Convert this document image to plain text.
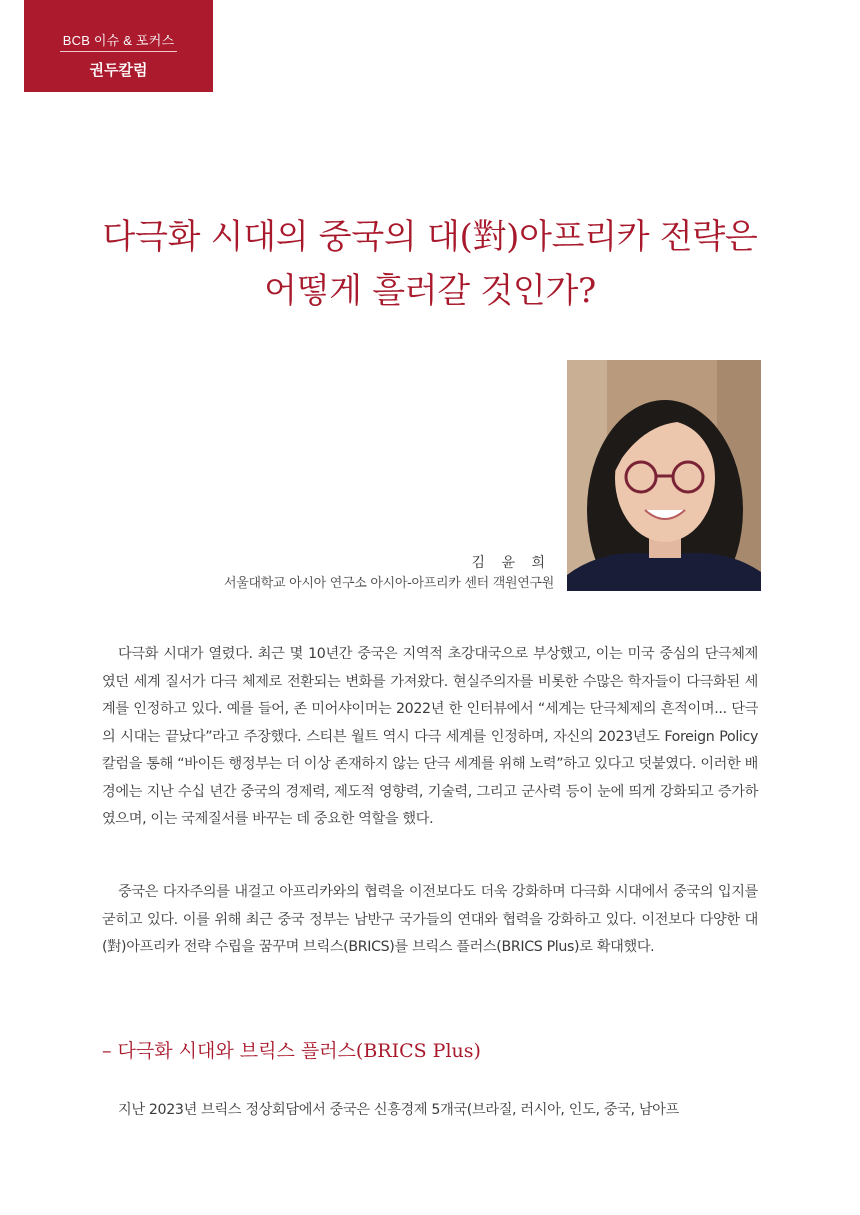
BCB 이슈 & 포커스
권두칼럼
다극화 시대의 중국의 대(對)아프리카 전략은
어떻게 흘러갈 것인가?
김 윤 희
서울대학교 아시아 연구소 아시아-아프리카 센터 객원연구원

다극화 시대가 열렸다. 최근 몇 10년간 중국은 지역적 초강대국으로 부상했고, 이는 미국 중심의 단극체제였던 세계 질서가 다극 체제로 전환되는 변화를 가져왔다. 현실주의자를 비롯한 수많은 학자들이 다극화된 세계를 인정하고 있다. 예를 들어, 존 미어샤이머는 2022년 한 인터뷰에서 “세계는 단극체제의 흔적이며... 단극의 시대는 끝났다”라고 주장했다. 스티븐 월트 역시 다극 세계를 인정하며, 자신의 2023년도 Foreign Policy 칼럼을 통해 “바이든 행정부는 더 이상 존재하지 않는 단극 세계를 위해 노력”하고 있다고 덧붙였다. 이러한 배경에는 지난 수십 년간 중국의 경제력, 제도적 영향력, 기술력, 그리고 군사력 등이 눈에 띄게 강화되고 증가하였으며, 이는 국제질서를 바꾸는 데 중요한 역할을 했다.

중국은 다자주의를 내걸고 아프리카와의 협력을 이전보다도 더욱 강화하며 다극화 시대에서 중국의 입지를 굳히고 있다. 이를 위해 최근 중국 정부는 남반구 국가들의 연대와 협력을 강화하고 있다. 이전보다 다양한 대(對)아프리카 전략 수립을 꿈꾸며 브릭스(BRICS)를 브릭스 플러스(BRICS Plus)로 확대했다.

– 다극화 시대와 브릭스 플러스(BRICS Plus)

지난 2023년 브릭스 정상회담에서 중국은 신흥경제 5개국(브라질, 러시아, 인도, 중국, 남아프
